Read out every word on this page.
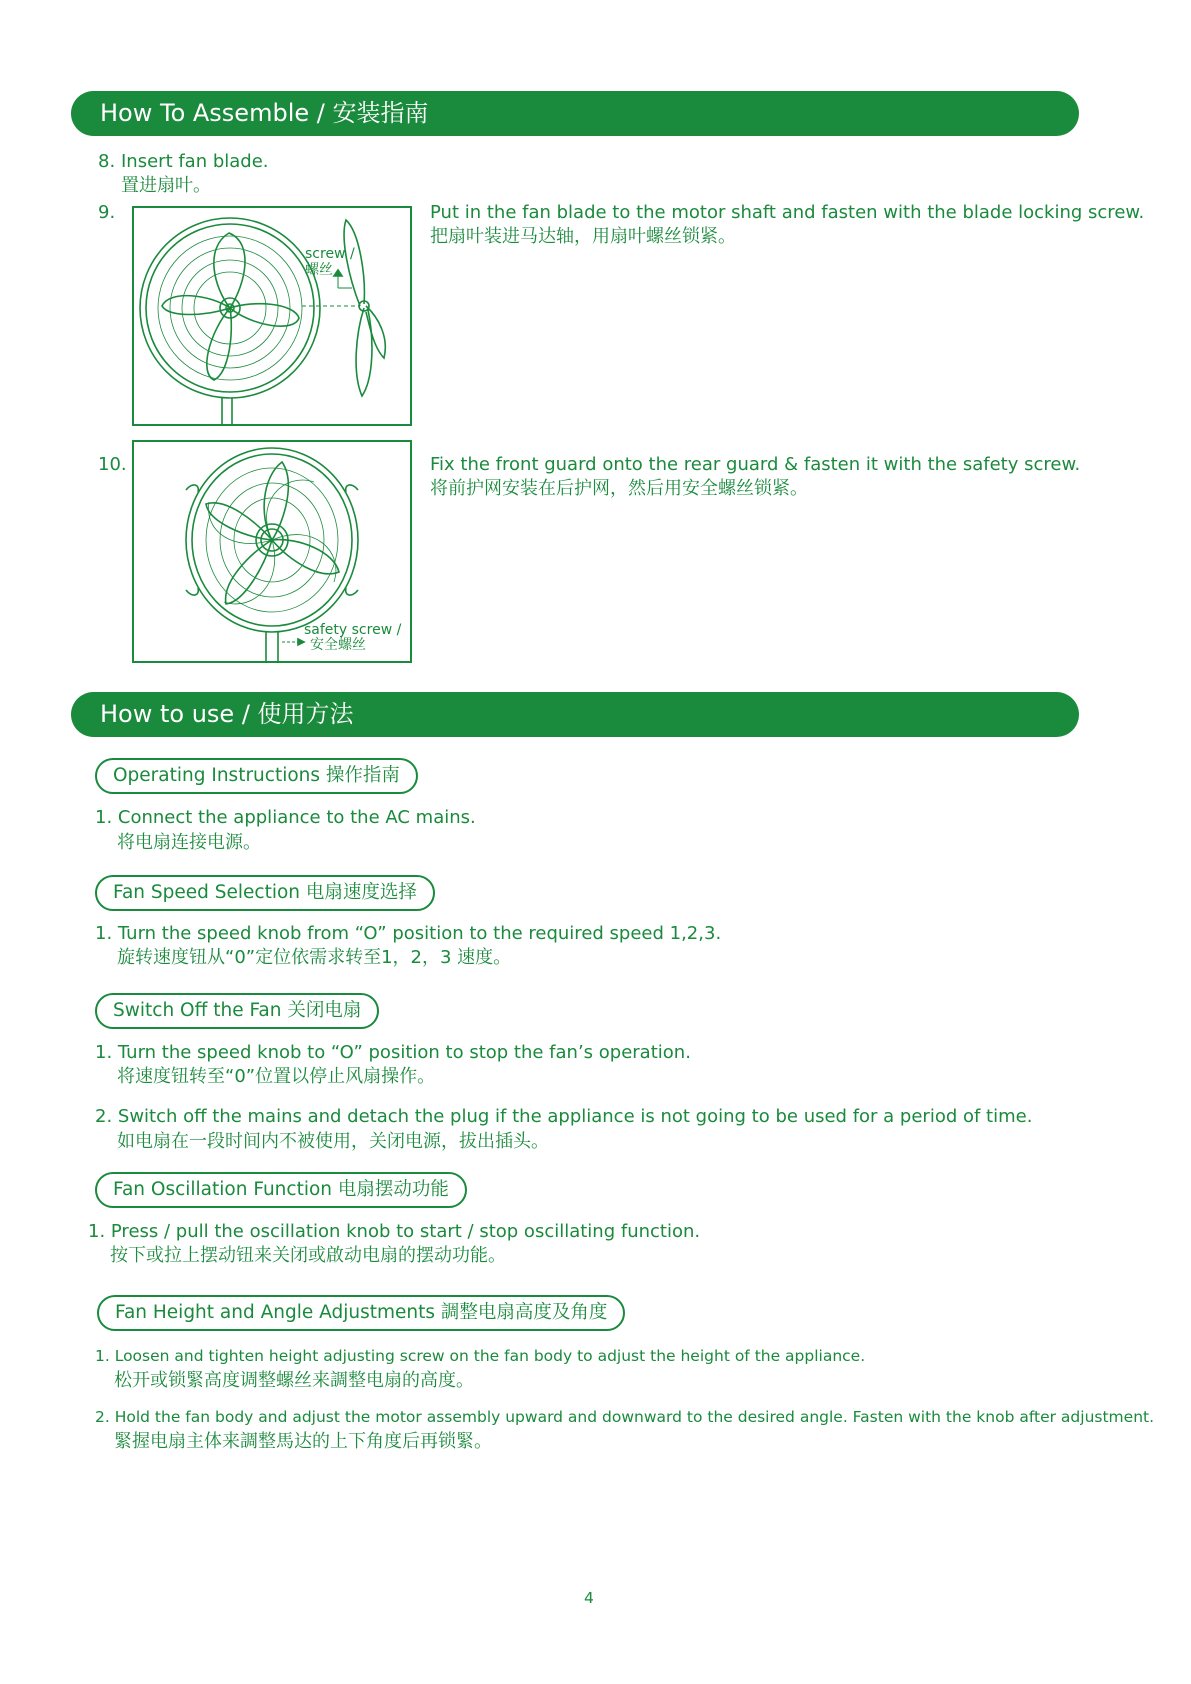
How To Assemble / 安装指南
8. Insert fan blade.
置进扇叶。
9.
screw /
螺丝
Put in the fan blade to the motor shaft and fasten with the blade locking screw.
把扇叶装进马达轴，用扇叶螺丝锁紧。
10.
safety screw /
安全螺丝
Fix the front guard onto the rear guard & fasten it with the safety screw.
将前护网安装在后护网，然后用安全螺丝锁紧。
How to use / 使用方法
Operating Instructions 操作指南
1. Connect the appliance to the AC mains.
将电扇连接电源。
Fan Speed Selection 电扇速度选择
1. Turn the speed knob from “O” position to the required speed 1,2,3.
旋转速度钮从“0”定位依需求转至1，2，3 速度。
Switch Off the Fan 关闭电扇
1. Turn the speed knob to “O” position to stop the fan’s operation.
将速度钮转至“0”位置以停止风扇操作。
2. Switch off the mains and detach the plug if the appliance is not going to be used for a period of time.
如电扇在一段时间内不被使用，关闭电源，拔出插头。
Fan Oscillation Function 电扇摆动功能
1. Press / pull the oscillation knob to start / stop oscillating function.
按下或拉上摆动钮来关闭或啟动电扇的摆动功能。
Fan Height and Angle Adjustments 調整电扇高度及角度
1. Loosen and tighten height adjusting screw on the fan body to adjust the height of the appliance.
松开或锁緊高度调整螺丝来調整电扇的高度。
2. Hold the fan body and adjust the motor assembly upward and downward to the desired angle. Fasten with the knob after adjustment.
緊握电扇主体来調整馬达的上下角度后再锁緊。
4
